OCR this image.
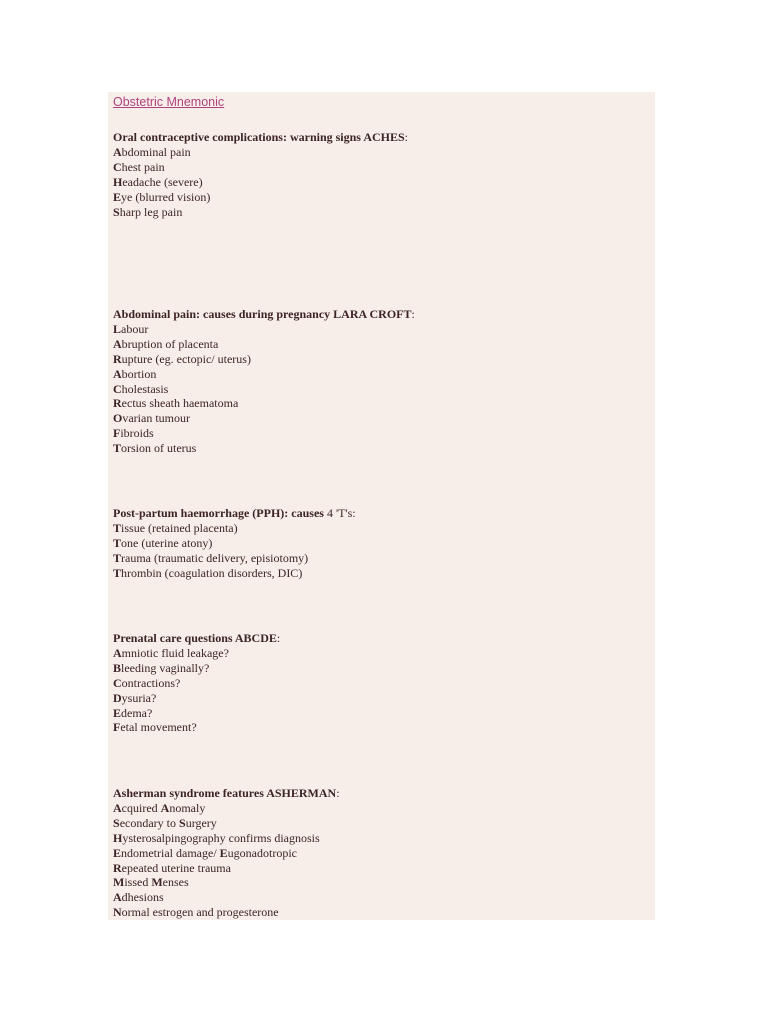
Obstetric Mnemonic
Oral contraceptive complications: warning signs ACHES:
Abdominal pain
Chest pain
Headache (severe)
Eye (blurred vision)
Sharp leg pain
Abdominal pain: causes during pregnancy LARA CROFT:
Labour
Abruption of placenta
Rupture (eg. ectopic/ uterus)
Abortion
Cholestasis
Rectus sheath haematoma
Ovarian tumour
Fibroids
Torsion of uterus
Post-partum haemorrhage (PPH): causes 4 'T's:
Tissue (retained placenta)
Tone (uterine atony)
Trauma (traumatic delivery, episiotomy)
Thrombin (coagulation disorders, DIC)
Prenatal care questions ABCDE:
Amniotic fluid leakage?
Bleeding vaginally?
Contractions?
Dysuria?
Edema?
Fetal movement?
Asherman syndrome features ASHERMAN:
Acquired Anomaly
Secondary to Surgery
Hysterosalpingography confirms diagnosis
Endometrial damage/ Eugonadotropic
Repeated uterine trauma
Missed Menses
Adhesions
Normal estrogen and progesterone
